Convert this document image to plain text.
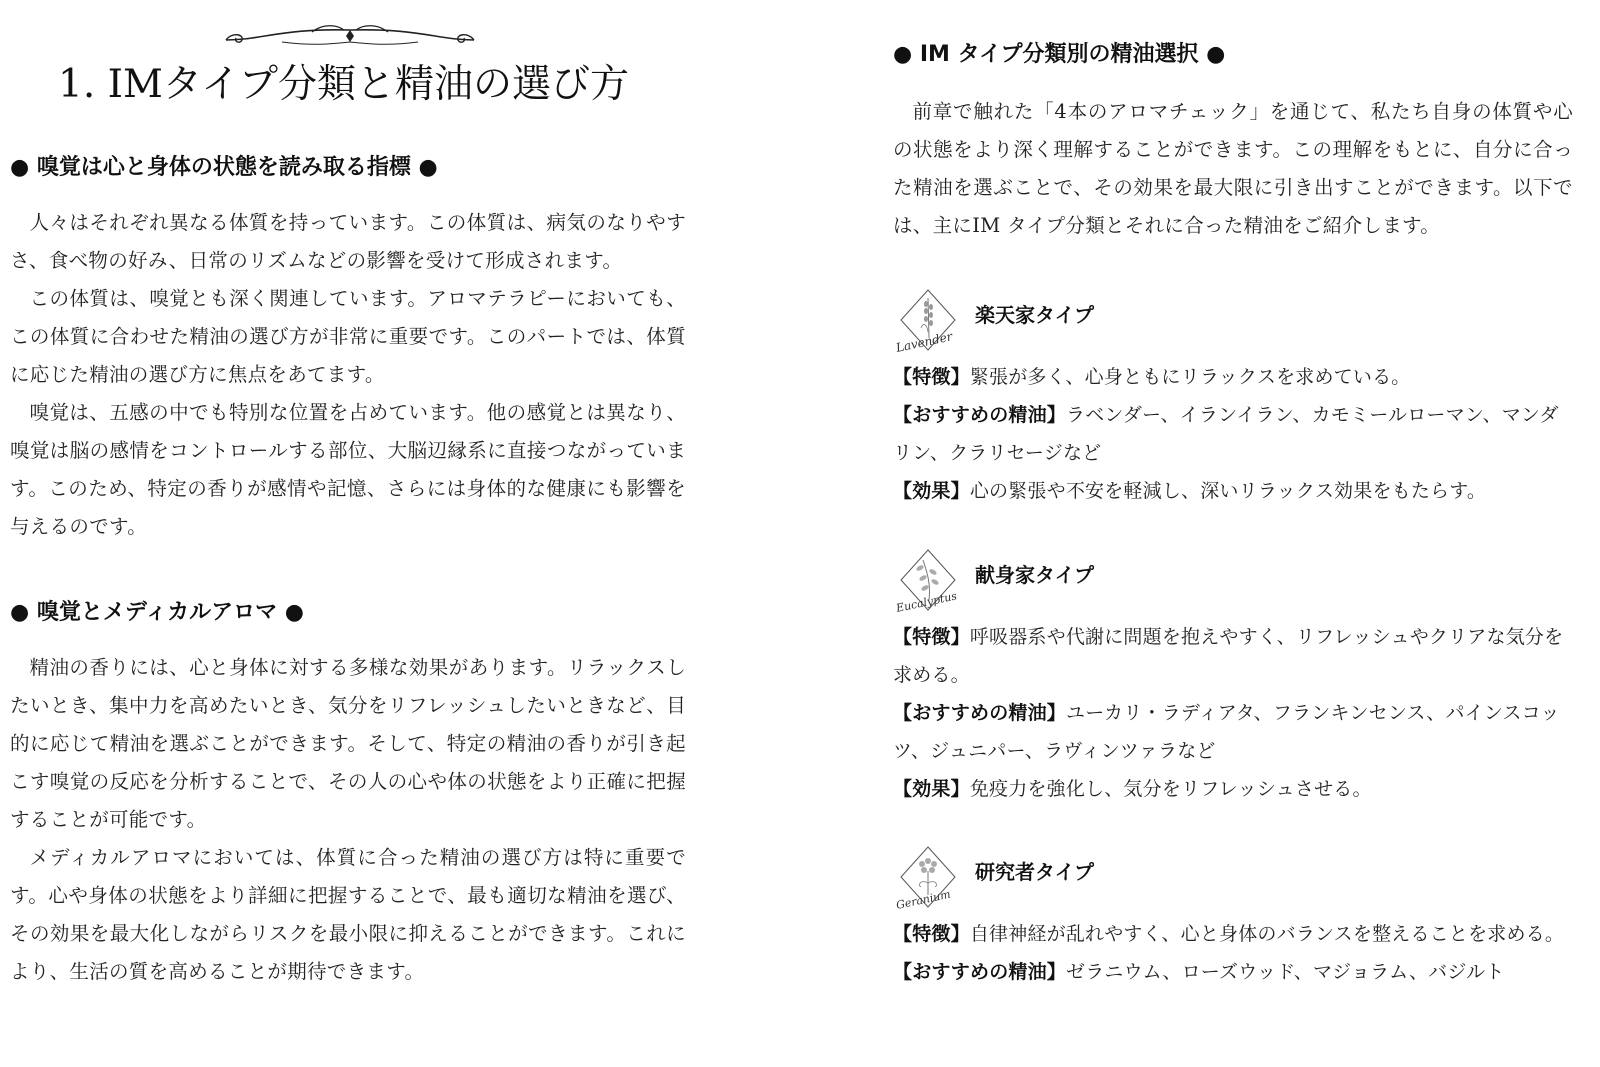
1. IMタイプ分類と精油の選び方
● 嗅覚は心と身体の状態を読み取る指標 ●

人々はそれぞれ異なる体質を持っています。この体質は、病気のなりやすさ、食べ物の好み、日常のリズムなどの影響を受けて形成されます。

この体質は、嗅覚とも深く関連しています。アロマテラピーにおいても、この体質に合わせた精油の選び方が非常に重要です。このパートでは、体質に応じた精油の選び方に焦点をあてます。

嗅覚は、五感の中でも特別な位置を占めています。他の感覚とは異なり、嗅覚は脳の感情をコントロールする部位、大脳辺縁系に直接つながっています。このため、特定の香りが感情や記憶、さらには身体的な健康にも影響を与えるのです。

● 嗅覚とメディカルアロマ ●

精油の香りには、心と身体に対する多様な効果があります。リラックスしたいとき、集中力を高めたいとき、気分をリフレッシュしたいときなど、目的に応じて精油を選ぶことができます。そして、特定の精油の香りが引き起こす嗅覚の反応を分析することで、その人の心や体の状態をより正確に把握することが可能です。

メディカルアロマにおいては、体質に合った精油の選び方は特に重要です。心や身体の状態をより詳細に把握することで、最も適切な精油を選び、その効果を最大化しながらリスクを最小限に抑えることができます。これにより、生活の質を高めることが期待できます。

● IM タイプ分類別の精油選択 ●

前章で触れた「4本のアロマチェック」を通じて、私たち自身の体質や心の状態をより深く理解することができます。この理解をもとに、自分に合った精油を選ぶことで、その効果を最大限に引き出すことができます。以下では、主にIM タイプ分類とそれに合った精油をご紹介します。

Lavender
楽天家タイプ

【特徴】緊張が多く、心身ともにリラックスを求めている。

【おすすめの精油】ラベンダー、イランイラン、カモミールローマン、マンダリン、クラリセージなど

【効果】心の緊張や不安を軽減し、深いリラックス効果をもたらす。

Eucalyptus
献身家タイプ

【特徴】呼吸器系や代謝に問題を抱えやすく、リフレッシュやクリアな気分を求める。

【おすすめの精油】ユーカリ・ラディアタ、フランキンセンス、パインスコッツ、ジュニパー、ラヴィンツァラなど

【効果】免疫力を強化し、気分をリフレッシュさせる。

Geranium
研究者タイプ

【特徴】自律神経が乱れやすく、心と身体のバランスを整えることを求める。

【おすすめの精油】ゼラニウム、ローズウッド、マジョラム、バジルト
